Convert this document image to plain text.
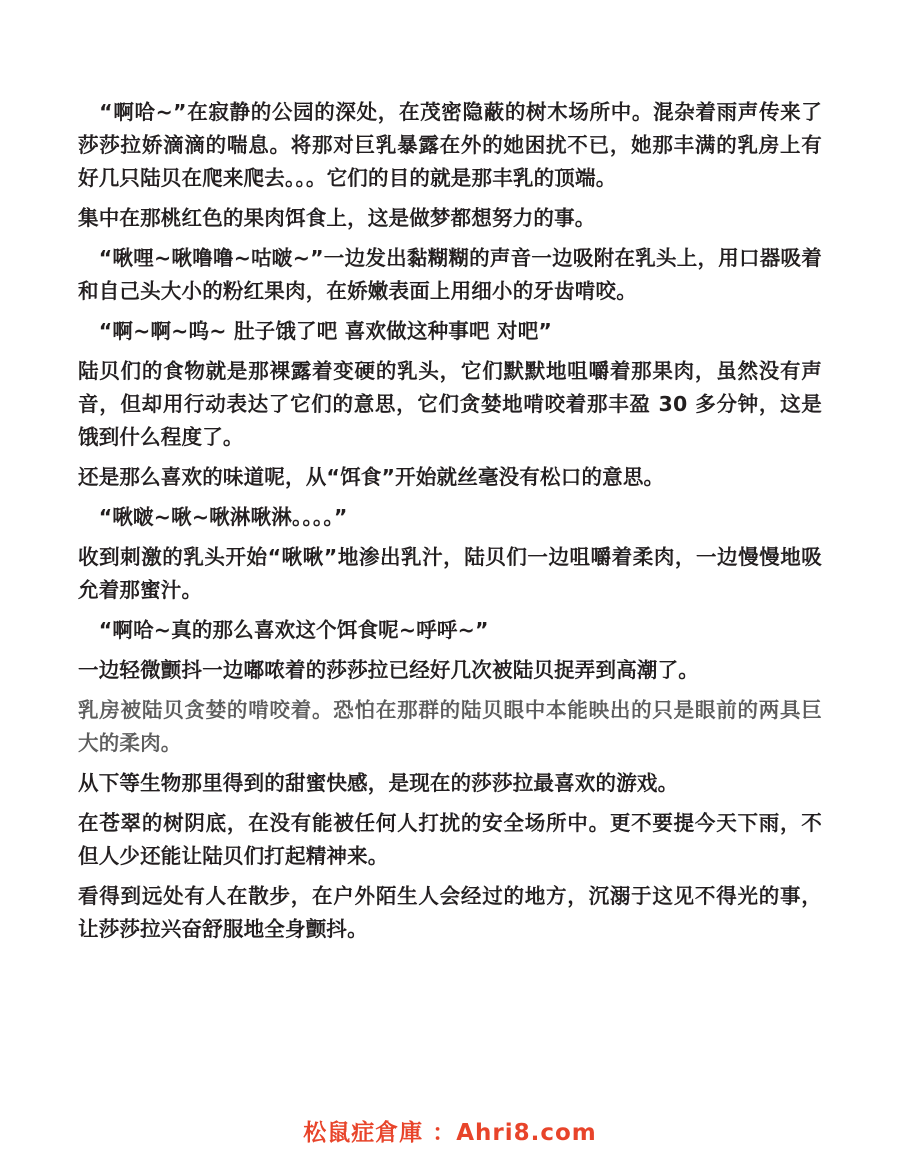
　“啊哈~”在寂静的公园的深处，在茂密隐蔽的树木场所中。混杂着雨声传来了莎莎拉娇滴滴的喘息。将那对巨乳暴露在外的她困扰不已，她那丰满的乳房上有好几只陆贝在爬来爬去。。。它们的目的就是那丰乳的顶端。

集中在那桃红色的果肉饵食上，这是做梦都想努力的事。

　“啾哩~啾噜噜~咕啵~”一边发出黏糊糊的声音一边吸附在乳头上，用口器吸着和自己头大小的粉红果肉，在娇嫩表面上用细小的牙齿啃咬。

　“啊~啊~呜~ 肚子饿了吧 喜欢做这种事吧 对吧”

陆贝们的食物就是那裸露着变硬的乳头，它们默默地咀嚼着那果肉，虽然没有声音，但却用行动表达了它们的意思，它们贪婪地啃咬着那丰盈 30 多分钟，这是饿到什么程度了。

还是那么喜欢的味道呢，从“饵食”开始就丝毫没有松口的意思。

　“啾啵~啾~啾淋啾淋。。。。”

收到刺激的乳头开始“啾啾”地渗出乳汁，陆贝们一边咀嚼着柔肉，一边慢慢地吸允着那蜜汁。

　“啊哈~真的那么喜欢这个饵食呢~呼呼~”

一边轻微颤抖一边嘟哝着的莎莎拉已经好几次被陆贝捉弄到高潮了。

乳房被陆贝贪婪的啃咬着。恐怕在那群的陆贝眼中本能映出的只是眼前的两具巨大的柔肉。

从下等生物那里得到的甜蜜快感，是现在的莎莎拉最喜欢的游戏。

在苍翠的树阴底，在没有能被任何人打扰的安全场所中。更不要提今天下雨，不但人少还能让陆贝们打起精神来。

看得到远处有人在散步，在户外陌生人会经过的地方，沉溺于这见不得光的事，让莎莎拉兴奋舒服地全身颤抖。

松鼠症倉庫 ：Ahri8.com
